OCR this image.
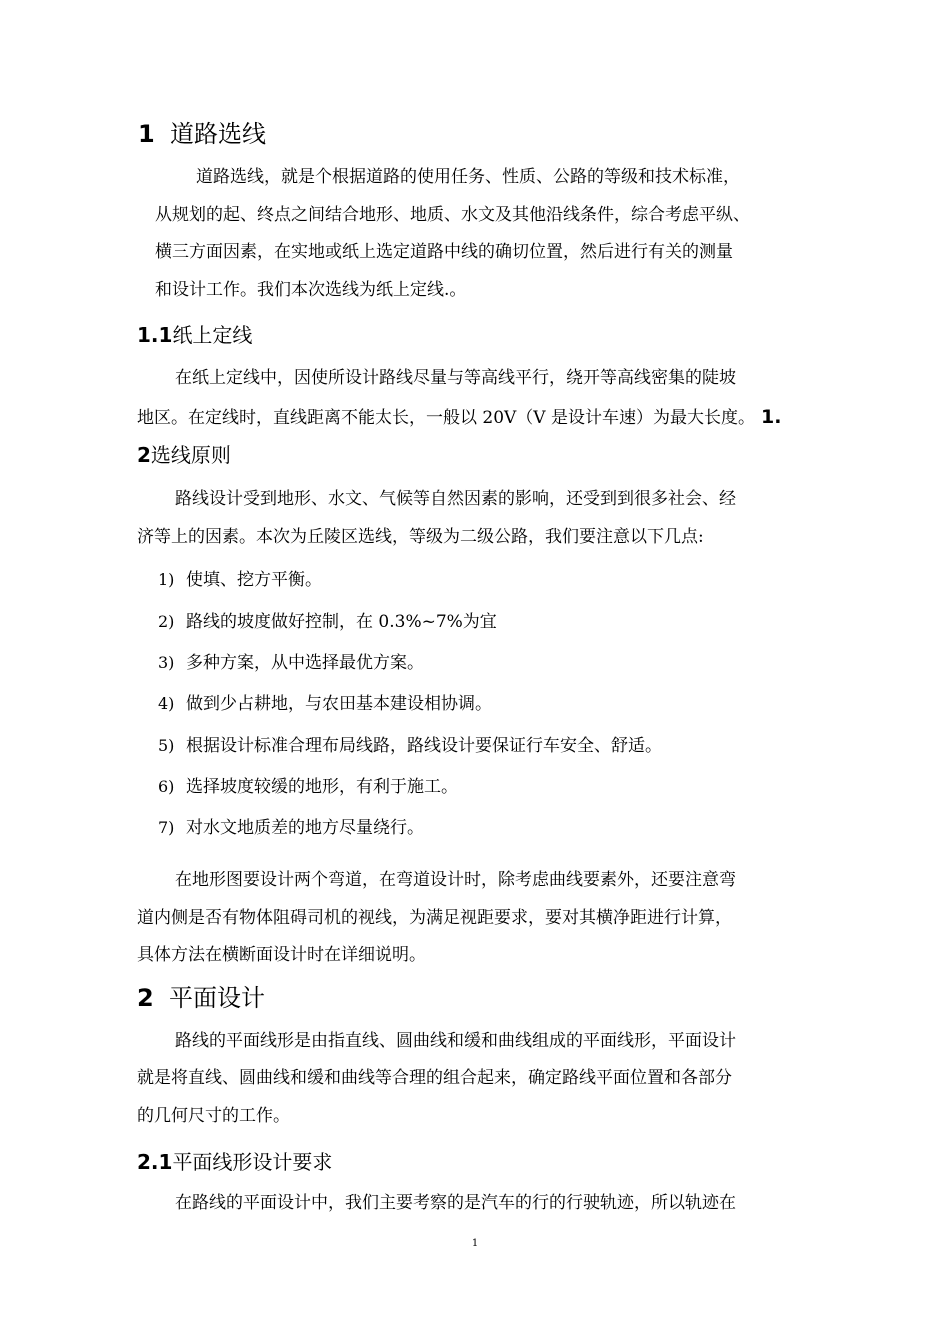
1 道路选线
道路选线，就是个根据道路的使用任务、性质、公路的等级和技术标准，
从规划的起、终点之间结合地形、地质、水文及其他沿线条件，综合考虑平纵、
横三方面因素，在实地或纸上选定道路中线的确切位置，然后进行有关的测量
和设计工作。我们本次选线为纸上定线.。
1.1纸上定线
在纸上定线中，因使所设计路线尽量与等高线平行，绕开等高线密集的陡坡
地区。在定线时，直线距离不能太长，一般以 20V（V 是设计车速）为最大长度。 1.
2选线原则
路线设计受到地形、水文、气候等自然因素的影响，还受到到很多社会、经
济等上的因素。本次为丘陵区选线，等级为二级公路，我们要注意以下几点:
1) 使填、挖方平衡。
2) 路线的坡度做好控制，在 0.3%~7%为宜
3) 多种方案，从中选择最优方案。
4) 做到少占耕地，与农田基本建设相协调。
5) 根据设计标准合理布局线路，路线设计要保证行车安全、舒适。
6) 选择坡度较缓的地形，有利于施工。
7) 对水文地质差的地方尽量绕行。
在地形图要设计两个弯道，在弯道设计时，除考虑曲线要素外，还要注意弯
道内侧是否有物体阻碍司机的视线，为满足视距要求，要对其横净距进行计算，
具体方法在横断面设计时在详细说明。
2 平面设计
路线的平面线形是由指直线、圆曲线和缓和曲线组成的平面线形，平面设计
就是将直线、圆曲线和缓和曲线等合理的组合起来，确定路线平面位置和各部分
的几何尺寸的工作。
2.1平面线形设计要求
在路线的平面设计中，我们主要考察的是汽车的行的行驶轨迹，所以轨迹在
1
